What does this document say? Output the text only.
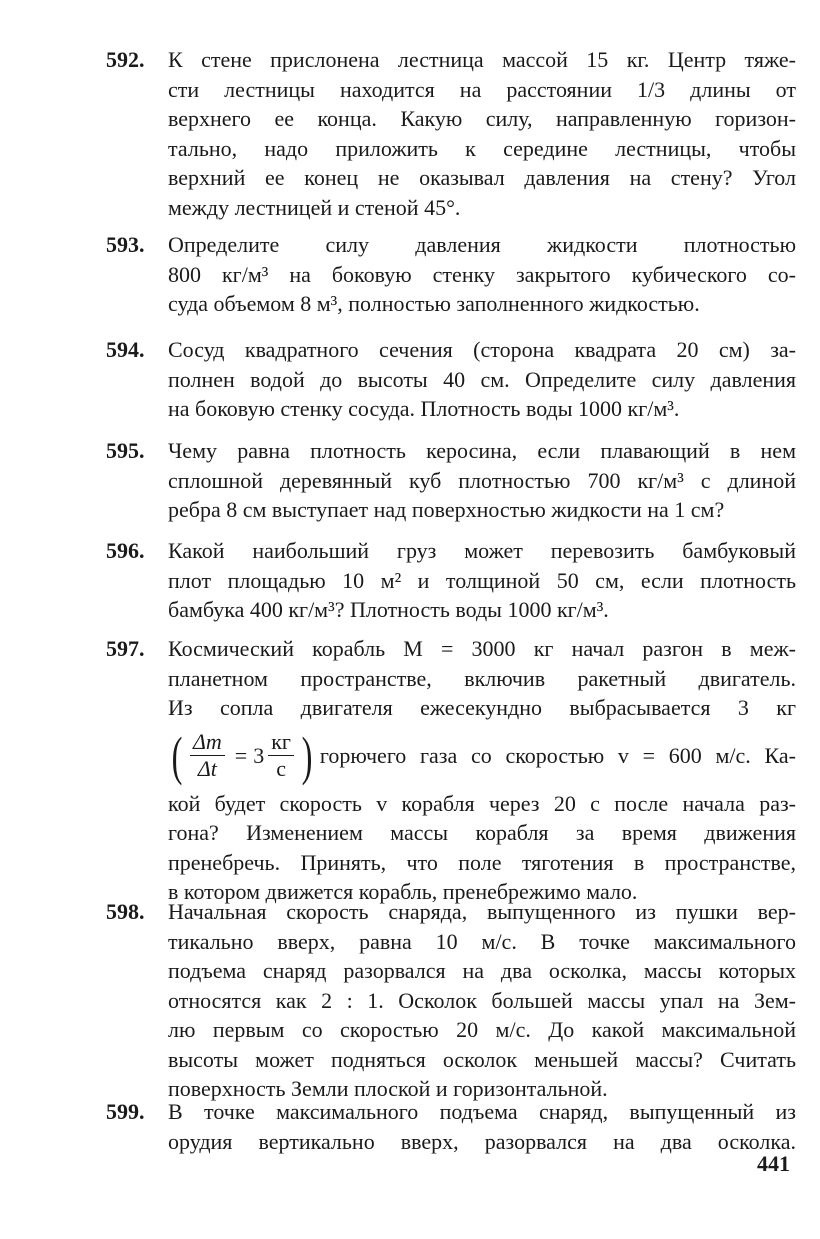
592. К стене прислонена лестница массой 15 кг. Центр тяже-
сти лестницы находится на расстоянии 1/3 длины от
верхнего ее конца. Какую силу, направленную горизон-
тально, надо приложить к середине лестницы, чтобы
верхний ее конец не оказывал давления на стену? Угол
между лестницей и стеной 45°.
593. Определите силу давления жидкости плотностью
800 кг/м³ на боковую стенку закрытого кубического со-
суда объемом 8 м³, полностью заполненного жидкостью.
594. Сосуд квадратного сечения (сторона квадрата 20 см) за-
полнен водой до высоты 40 см. Определите силу давления
на боковую стенку сосуда. Плотность воды 1000 кг/м³.
595. Чему равна плотность керосина, если плавающий в нем
сплошной деревянный куб плотностью 700 кг/м³ с длиной
ребра 8 см выступает над поверхностью жидкости на 1 см?
596. Какой наибольший груз может перевозить бамбуковый
плот площадью 10 м² и толщиной 50 см, если плотность
бамбука 400 кг/м³? Плотность воды 1000 кг/м³.
597. Космический корабль M = 3000 кг начал разгон в меж-
планетном пространстве, включив ракетный двигатель.
Из сопла двигателя ежесекундно выбрасывается 3 кг
( $\frac{\Delta m}{\Delta t} = 3 \frac{кг}{с}$ ) горючего газа со скоростью v = 600 м/с. Ка-
кой будет скорость v корабля через 20 с после начала раз-
гона? Изменением массы корабля за время движения
пренебречь. Принять, что поле тяготения в пространстве,
в котором движется корабль, пренебрежимо мало.
598. Начальная скорость снаряда, выпущенного из пушки вер-
тикально вверх, равна 10 м/с. В точке максимального
подъема снаряд разорвался на два осколка, массы которых
относятся как 2 : 1. Осколок большей массы упал на Зем-
лю первым со скоростью 20 м/с. До какой максимальной
высоты может подняться осколок меньшей массы? Считать
поверхность Земли плоской и горизонтальной.
599. В точке максимального подъема снаряд, выпущенный из
орудия вертикально вверх, разорвался на два осколка.
441
